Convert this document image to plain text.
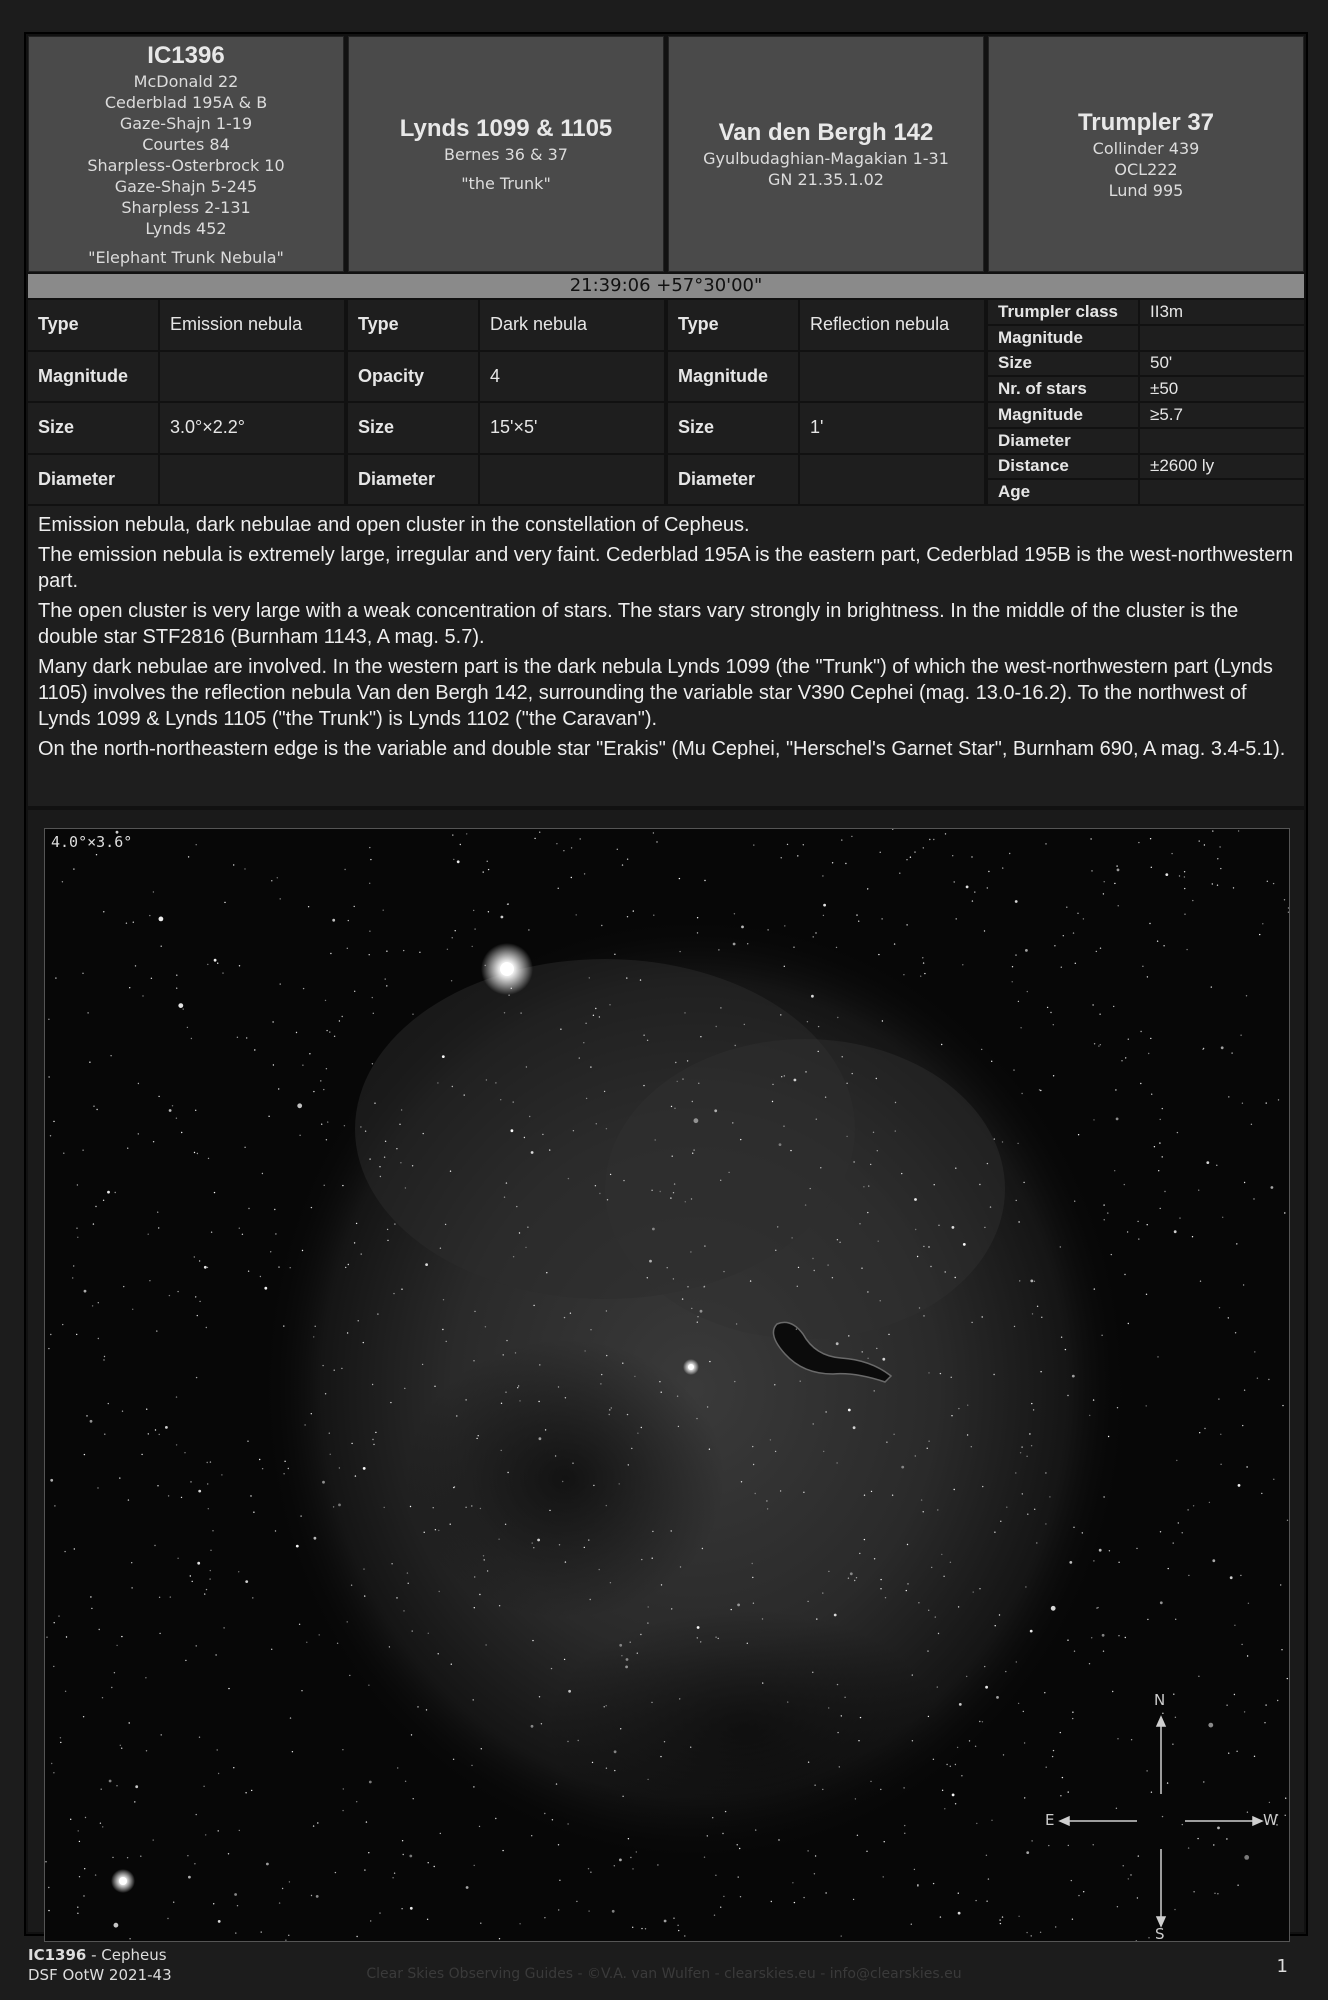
IC1396
McDonald 22
Cederblad 195A & B
Gaze-Shajn 1-19
Courtes 84
Sharpless-Osterbrock 10
Gaze-Shajn 5-245
Sharpless 2-131
Lynds 452
"Elephant Trunk Nebula"
Lynds 1099 & 1105
Bernes 36 & 37
"the Trunk"
Van den Bergh 142
Gyulbudaghian-Magakian 1-31
GN 21.35.1.02
Trumpler 37
Collinder 439
OCL222
Lund 995
21:39:06 +57°30'00"
Type	Emission nebula
Magnitude
Size	3.0°×2.2°
Diameter
Type	Dark nebula
Opacity	4
Size	15'×5'
Diameter
Type	Reflection nebula
Magnitude
Size	1'
Diameter
Trumpler class	II3m
Magnitude
Size	50'
Nr. of stars	±50
Magnitude	≥5.7
Diameter
Distance	±2600 ly
Age

Emission nebula, dark nebulae and open cluster in the constellation of Cepheus.

The emission nebula is extremely large, irregular and very faint. Cederblad 195A is the eastern part, Cederblad 195B is the west-northwestern part.

The open cluster is very large with a weak concentration of stars. The stars vary strongly in brightness. In the middle of the cluster is the double star STF2816 (Burnham 1143, A mag. 5.7).

Many dark nebulae are involved. In the western part is the dark nebula Lynds 1099 (the "Trunk") of which the west-northwestern part (Lynds 1105) involves the reflection nebula Van den Bergh 142, surrounding the variable star V390 Cephei (mag. 13.0-16.2). To the northwest of Lynds 1099 & Lynds 1105 ("the Trunk") is Lynds 1102 ("the Caravan").

On the north-northeastern edge is the variable and double star "Erakis" (Mu Cephei, "Herschel's Garnet Star", Burnham 690, A mag. 3.4-5.1).

4.0°×3.6°
N
E	W
S
IC1396 - Cepheus
DSF OotW 2021-43	Clear Skies Observing Guides - ©V.A. van Wulfen - clearskies.eu - info@clearskies.eu	1
